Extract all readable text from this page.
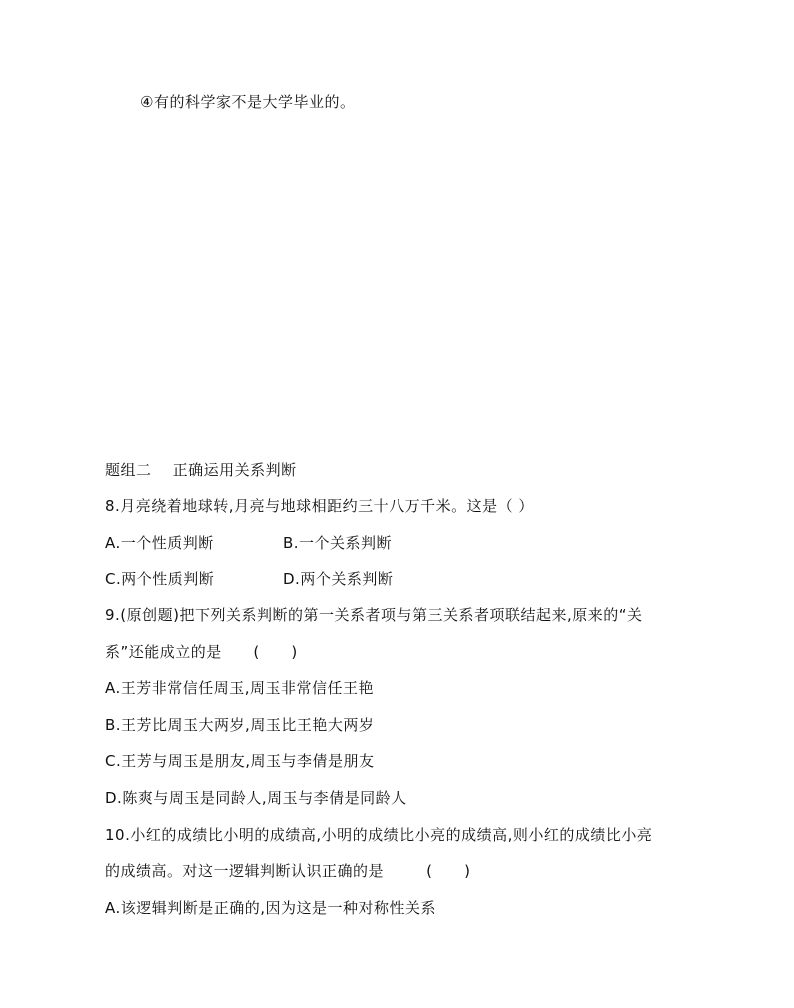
④有的科学家不是大学毕业的。
题组二    正确运用关系判断
8.月亮绕着地球转,月亮与地球相距约三十八万千米。这是（ ）
A.一个性质判断	B.一个关系判断
C.两个性质判断	D.两个关系判断
9.(原创题)把下列关系判断的第一关系者项与第三关系者项联结起来,原来的“关
系”还能成立的是      (      )
A.王芳非常信任周玉,周玉非常信任王艳
B.王芳比周玉大两岁,周玉比王艳大两岁
C.王芳与周玉是朋友,周玉与李倩是朋友
D.陈爽与周玉是同龄人,周玉与李倩是同龄人
10.小红的成绩比小明的成绩高,小明的成绩比小亮的成绩高,则小红的成绩比小亮
的成绩高。对这一逻辑判断认识正确的是        (      )
A.该逻辑判断是正确的,因为这是一种对称性关系
